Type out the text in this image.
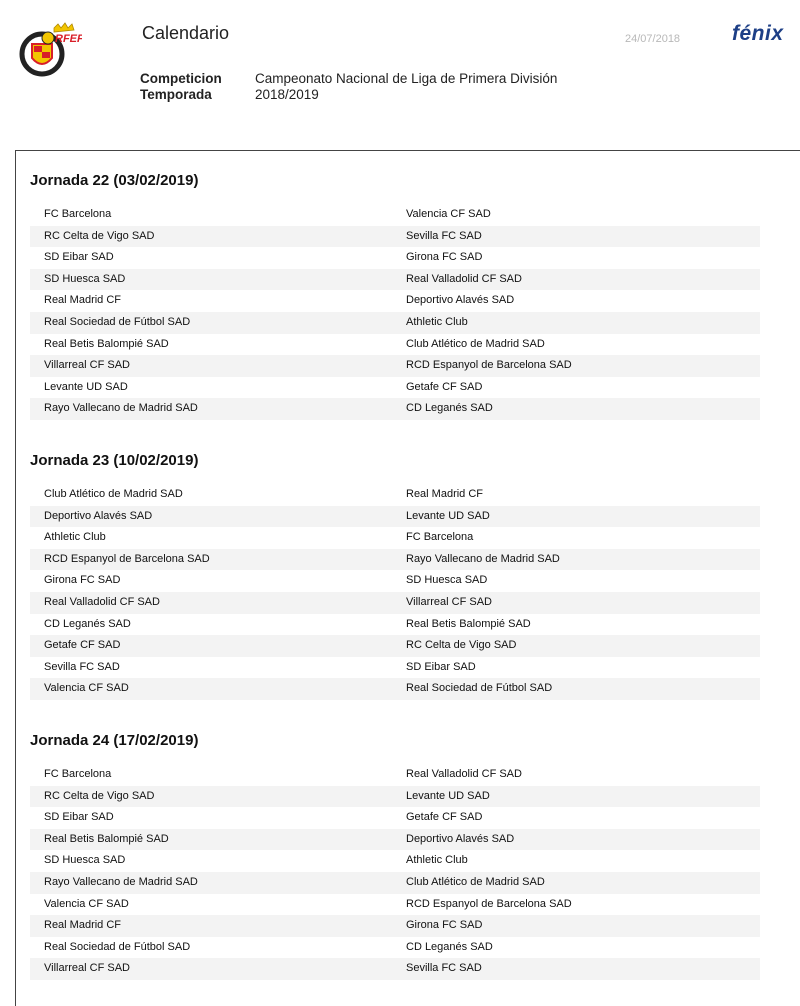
RFEF	Calendario	24/07/2018 fénix
Competicion	Campeonato Nacional de Liga de Primera División
Temporada	2018/2019
Jornada 22 (03/02/2019)
FC Barcelona	Valencia CF SAD
RC Celta de Vigo SAD	Sevilla FC SAD
SD Eibar SAD	Girona FC SAD
SD Huesca SAD	Real Valladolid CF SAD
Real Madrid CF	Deportivo Alavés SAD
Real Sociedad de Fútbol SAD	Athletic Club
Real Betis Balompié SAD	Club Atlético de Madrid SAD
Villarreal CF SAD	RCD Espanyol de Barcelona SAD
Levante UD SAD	Getafe CF SAD
Rayo Vallecano de Madrid SAD	CD Leganés SAD
Jornada 23 (10/02/2019)
Club Atlético de Madrid SAD	Real Madrid CF
Deportivo Alavés SAD	Levante UD SAD
Athletic Club	FC Barcelona
RCD Espanyol de Barcelona SAD	Rayo Vallecano de Madrid SAD
Girona FC SAD	SD Huesca SAD
Real Valladolid CF SAD	Villarreal CF SAD
CD Leganés SAD	Real Betis Balompié SAD
Getafe CF SAD	RC Celta de Vigo SAD
Sevilla FC SAD	SD Eibar SAD
Valencia CF SAD	Real Sociedad de Fútbol SAD
Jornada 24 (17/02/2019)
FC Barcelona	Real Valladolid CF SAD
RC Celta de Vigo SAD	Levante UD SAD
SD Eibar SAD	Getafe CF SAD
Real Betis Balompié SAD	Deportivo Alavés SAD
SD Huesca SAD	Athletic Club
Rayo Vallecano de Madrid SAD	Club Atlético de Madrid SAD
Valencia CF SAD	RCD Espanyol de Barcelona SAD
Real Madrid CF	Girona FC SAD
Real Sociedad de Fútbol SAD	CD Leganés SAD
Villarreal CF SAD	Sevilla FC SAD
